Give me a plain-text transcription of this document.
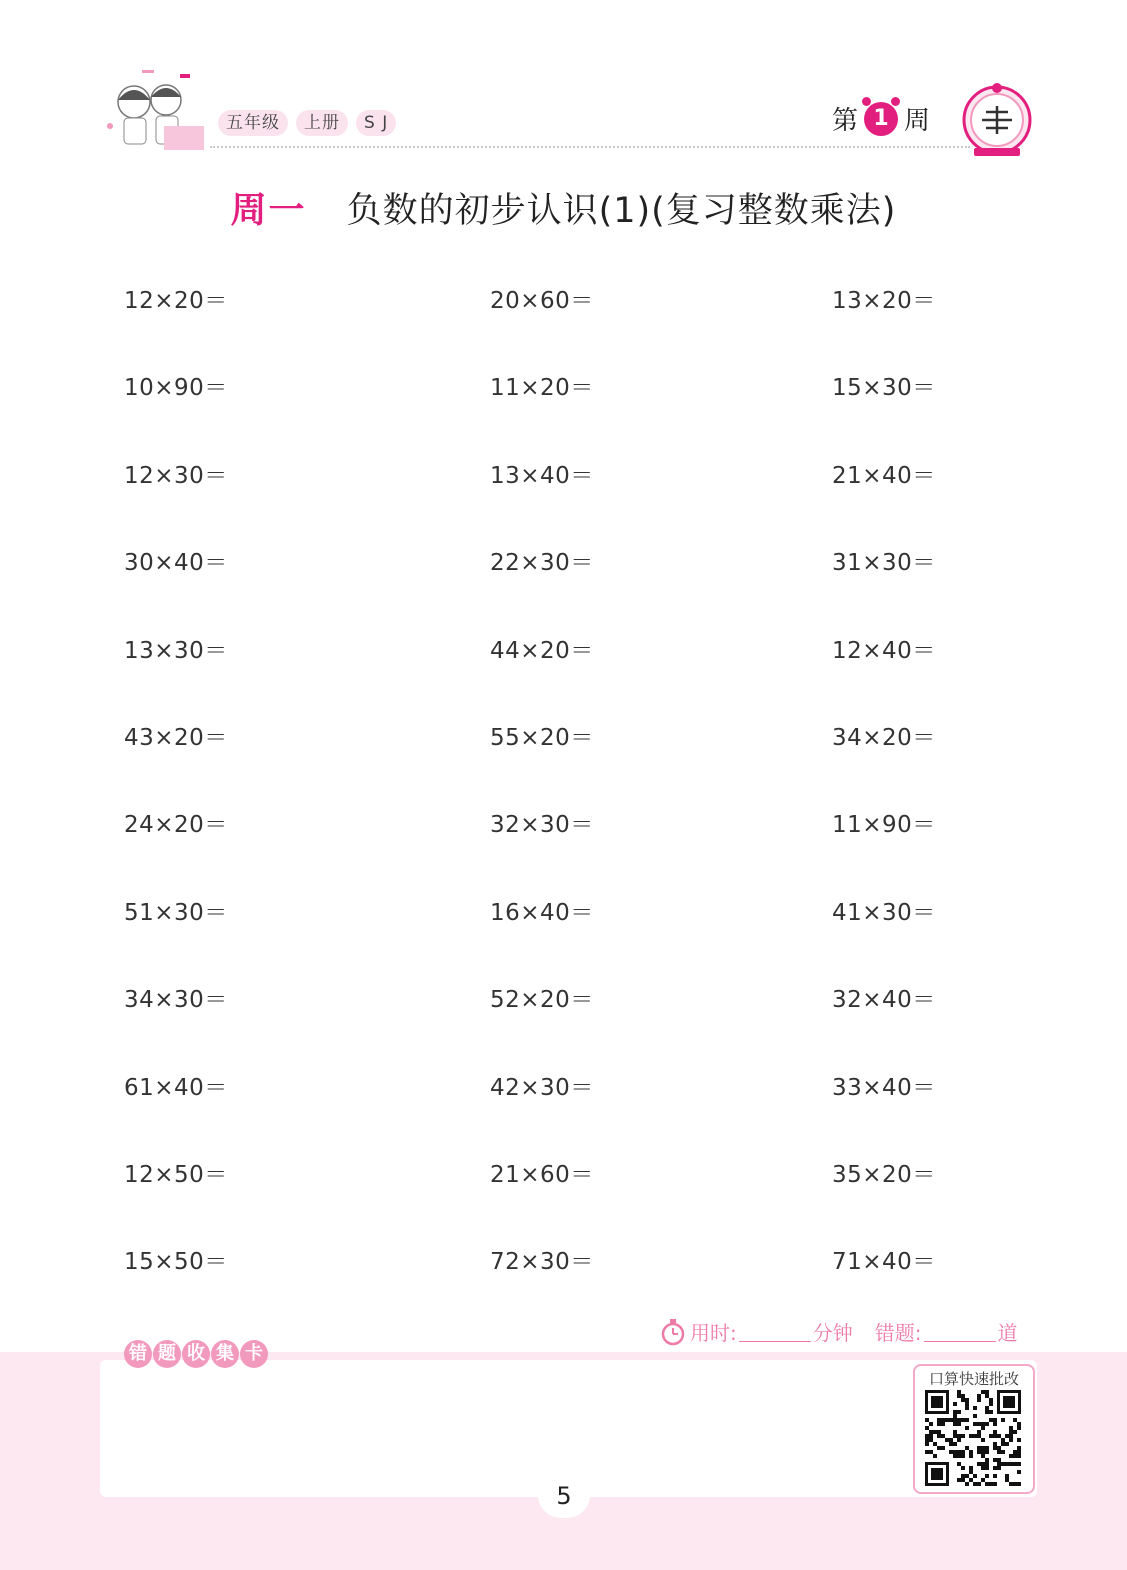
五年级	上册	S J	第 1 周
周一 负数的初步认识(1)(复习整数乘法)
12×20＝	20×60＝	13×20＝
10×90＝	11×20＝	15×30＝
12×30＝	13×40＝	21×40＝
30×40＝	22×30＝	31×30＝
13×30＝	44×20＝	12×40＝
43×20＝	55×20＝	34×20＝
24×20＝	32×30＝	11×90＝
51×30＝	16×40＝	41×30＝
34×30＝	52×20＝	32×40＝
61×40＝	42×30＝	33×40＝
12×50＝	21×60＝	35×20＝
15×50＝	72×30＝	71×40＝
用时:	分钟 错题:	道
错 题 收 集 卡
口算快速批改
5
